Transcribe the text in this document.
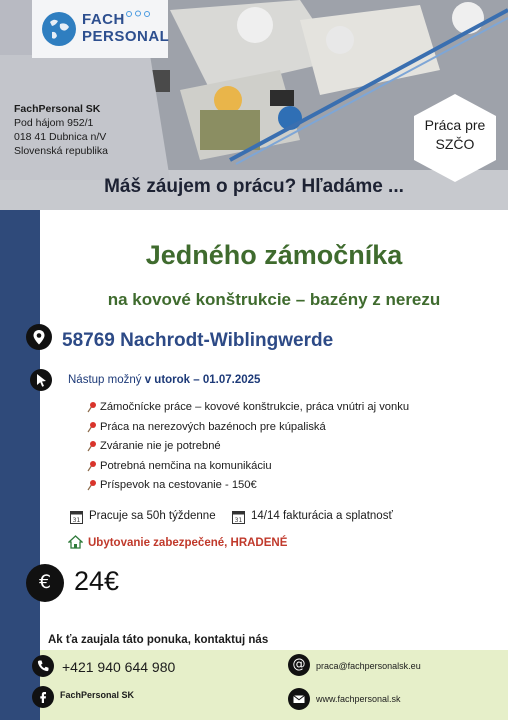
FACH
PERSONAL
FachPersonal SK
Pod hájom 952/1
018 41 Dubnica n/V
Slovenská republika
Práca pre
SZČO
Máš záujem o prácu? Hľadáme ...
Jedného zámočníka
na kovové konštrukcie – bazény z nerezu
58769 Nachrodt-Wiblingwerde
Nástup možný v utorok – 01.07.2025
Zámočnícke práce – kovové konštrukcie, práca vnútri aj vonku
Práca na nerezových bazénoch pre kúpaliská
Zváranie nie je potrebné
Potrebná nemčina na komunikáciu
Príspevok na cestovanie - 150€
31 Pracuje sa 50h týždenne	31 14/14 fakturácia a splatnosť
Ubytovanie zabezpečené, HRADENÉ
€ 24€
Ak ťa zaujala táto ponuka, kontaktuj nás
+421 940 644 980
FachPersonal SK
@	praca@fachpersonalsk.eu
www.fachpersonal.sk
